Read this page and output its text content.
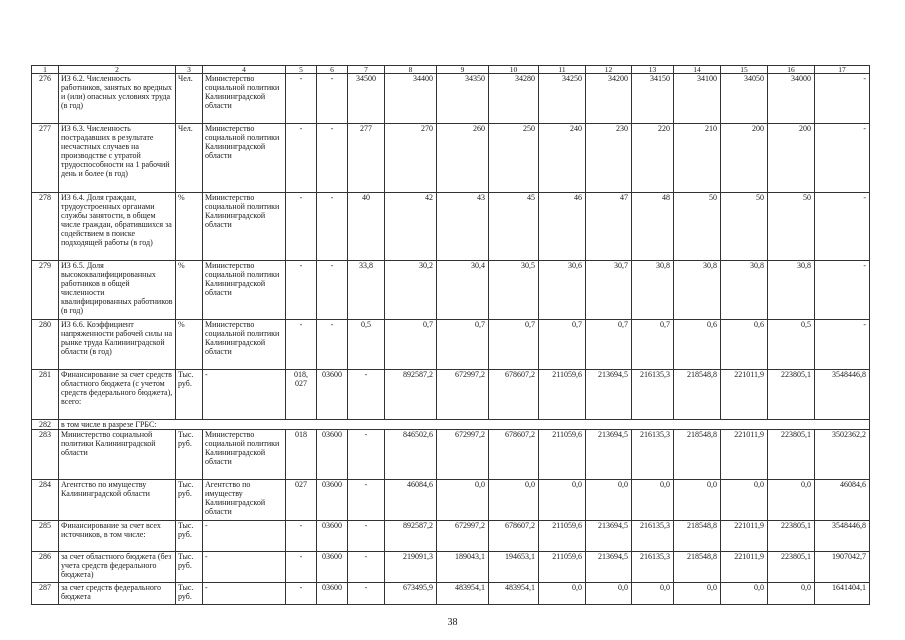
1	2	3	4	5	6	7	8	9	10	11	12	13	14	15	16	17
276	ИЗ 6.2. Численность работников, занятых во вредных и (или) опасных условиях труда (в год)	Чел.	Министерство социальной политики Калининградской области	-	-	34500	34400	34350	34280	34250	34200	34150	34100	34050	34000	-
277	ИЗ 6.3. Численность пострадавших в результате несчастных случаев на производстве с утратой трудоспособности на 1 рабочий день и более (в год)	Чел.	Министерство социальной политики Калининградской области	-	-	277	270	260	250	240	230	220	210	200	200	-
278	ИЗ 6.4. Доля граждан, трудоустроенных органами службы занятости, в общем числе граждан, обратившихся за содействием в поиске подходящей работы (в год)	%	Министерство социальной политики Калининградской области	-	-	40	42	43	45	46	47	48	50	50	50	-
279	ИЗ 6.5. Доля высококвалифицированных работников в общей численности квалифицированных работников (в год)	%	Министерство социальной политики Калининградской области	-	-	33,8	30,2	30,4	30,5	30,6	30,7	30,8	30,8	30,8	30,8	-
280	ИЗ 6.6. Коэффициент напряженности рабочей силы на рынке труда Калининградской области (в год)	%	Министерство социальной политики Калининградской области	-	-	0,5	0,7	0,7	0,7	0,7	0,7	0,7	0,6	0,6	0,5	-
281	Финансирование за счет средств областного бюджета (с учетом средств федерального бюджета), всего:	Тыс. руб.	-	018, 027	03600	-	892587,2	672997,2	678607,2	211059,6	213694,5	216135,3	218548,8	221011,9	223805,1	3548446,8
282	в том числе в разрезе ГРБС:															
283	Министерство социальной политики Калининградской области	Тыс. руб.	Министерство социальной политики Калининградской области	018	03600	-	846502,6	672997,2	678607,2	211059,6	213694,5	216135,3	218548,8	221011,9	223805,1	3502362,2
284	Агентство по имуществу Калининградской области	Тыс. руб.	Агентство по имуществу Калининградской области	027	03600	-	46084,6	0,0	0,0	0,0	0,0	0,0	0,0	0,0	0,0	46084,6
285	Финансирование за счет всех источников, в том числе:	Тыс. руб.	-	-	03600	-	892587,2	672997,2	678607,2	211059,6	213694,5	216135,3	218548,8	221011,9	223805,1	3548446,8
286	за счет областного бюджета (без учета средств федерального бюджета)	Тыс. руб.	-	-	03600	-	219091,3	189043,1	194653,1	211059,6	213694,5	216135,3	218548,8	221011,9	223805,1	1907042,7
287	за счет средств федерального бюджета	Тыс. руб.	-	-	03600	-	673495,9	483954,1	483954,1	0,0	0,0	0,0	0,0	0,0	0,0	1641404,1
38
